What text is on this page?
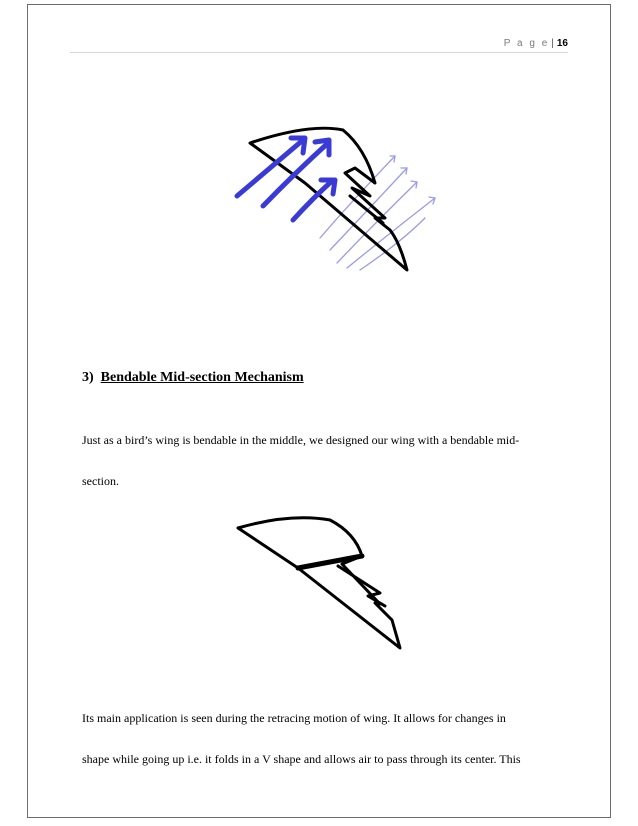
P a g e | 16
3) Bendable Mid-section Mechanism
Just as a bird’s wing is bendable in the middle, we designed our wing with a bendable mid-
section.
Its main application is seen during the retracing motion of wing. It allows for changes in
shape while going up i.e. it folds in a V shape and allows air to pass through its center. This
